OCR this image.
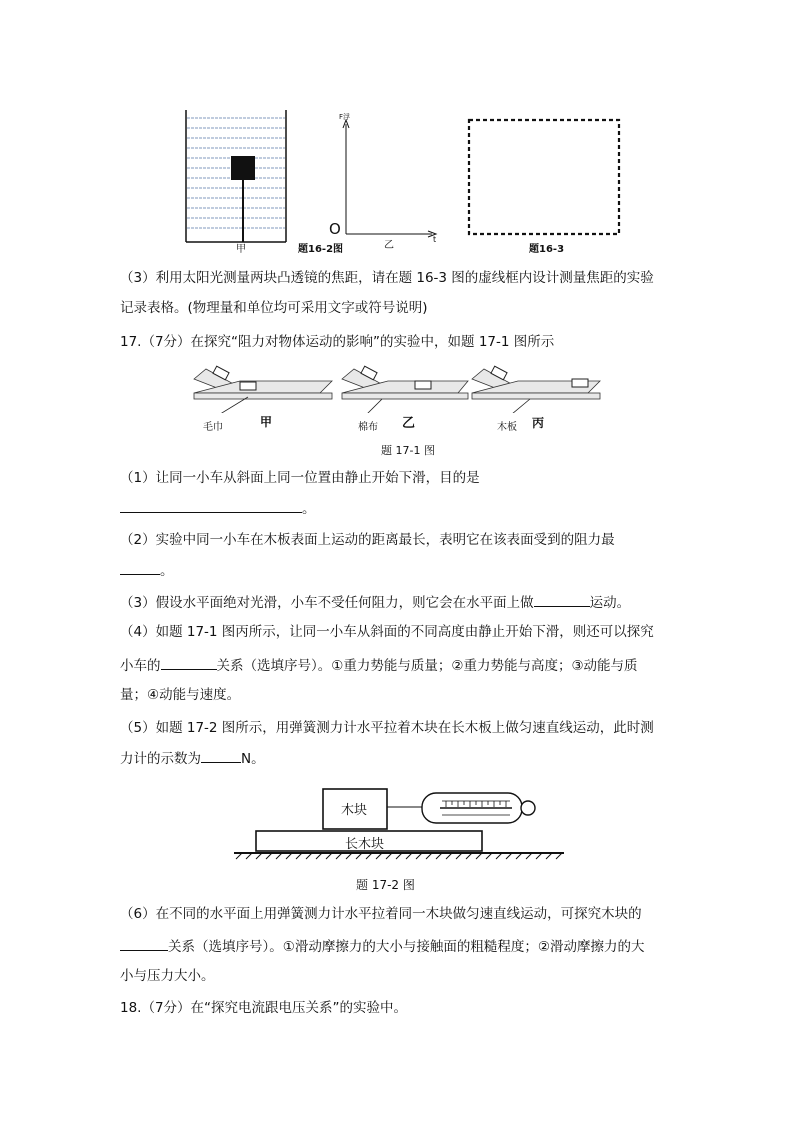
甲	题16-2图
F浮
O
乙
t
题16-3
（3）利用太阳光测量两块凸透镜的焦距，请在题 16-3 图的虚线框内设计测量焦距的实验
记录表格。(物理量和单位均可采用文字或符号说明)
17.（7分）在探究“阻力对物体运动的影响”的实验中，如题 17-1 图所示
毛巾	甲	棉布 乙	木板 丙
题 17-1 图
（1）让同一小车从斜面上同一位置由静止开始下滑，目的是
。
（2）实验中同一小车在木板表面上运动的距离最长，表明它在该表面受到的阻力最
。
（3）假设水平面绝对光滑，小车不受任何阻力，则它会在水平面上做	运动。
（4）如题 17-1 图丙所示，让同一小车从斜面的不同高度由静止开始下滑，则还可以探究
小车的	关系（选填序号）。①重力势能与质量；②重力势能与高度；③动能与质
量；④动能与速度。
（5）如题 17-2 图所示，用弹簧测力计水平拉着木块在长木板上做匀速直线运动，此时测
力计的示数为	N。
木块
长木块
题 17-2 图
（6）在不同的水平面上用弹簧测力计水平拉着同一木块做匀速直线运动，可探究木块的
关系（选填序号）。①滑动摩擦力的大小与接触面的粗糙程度；②滑动摩擦力的大
小与压力大小。
18.（7分）在“探究电流跟电压关系”的实验中。
